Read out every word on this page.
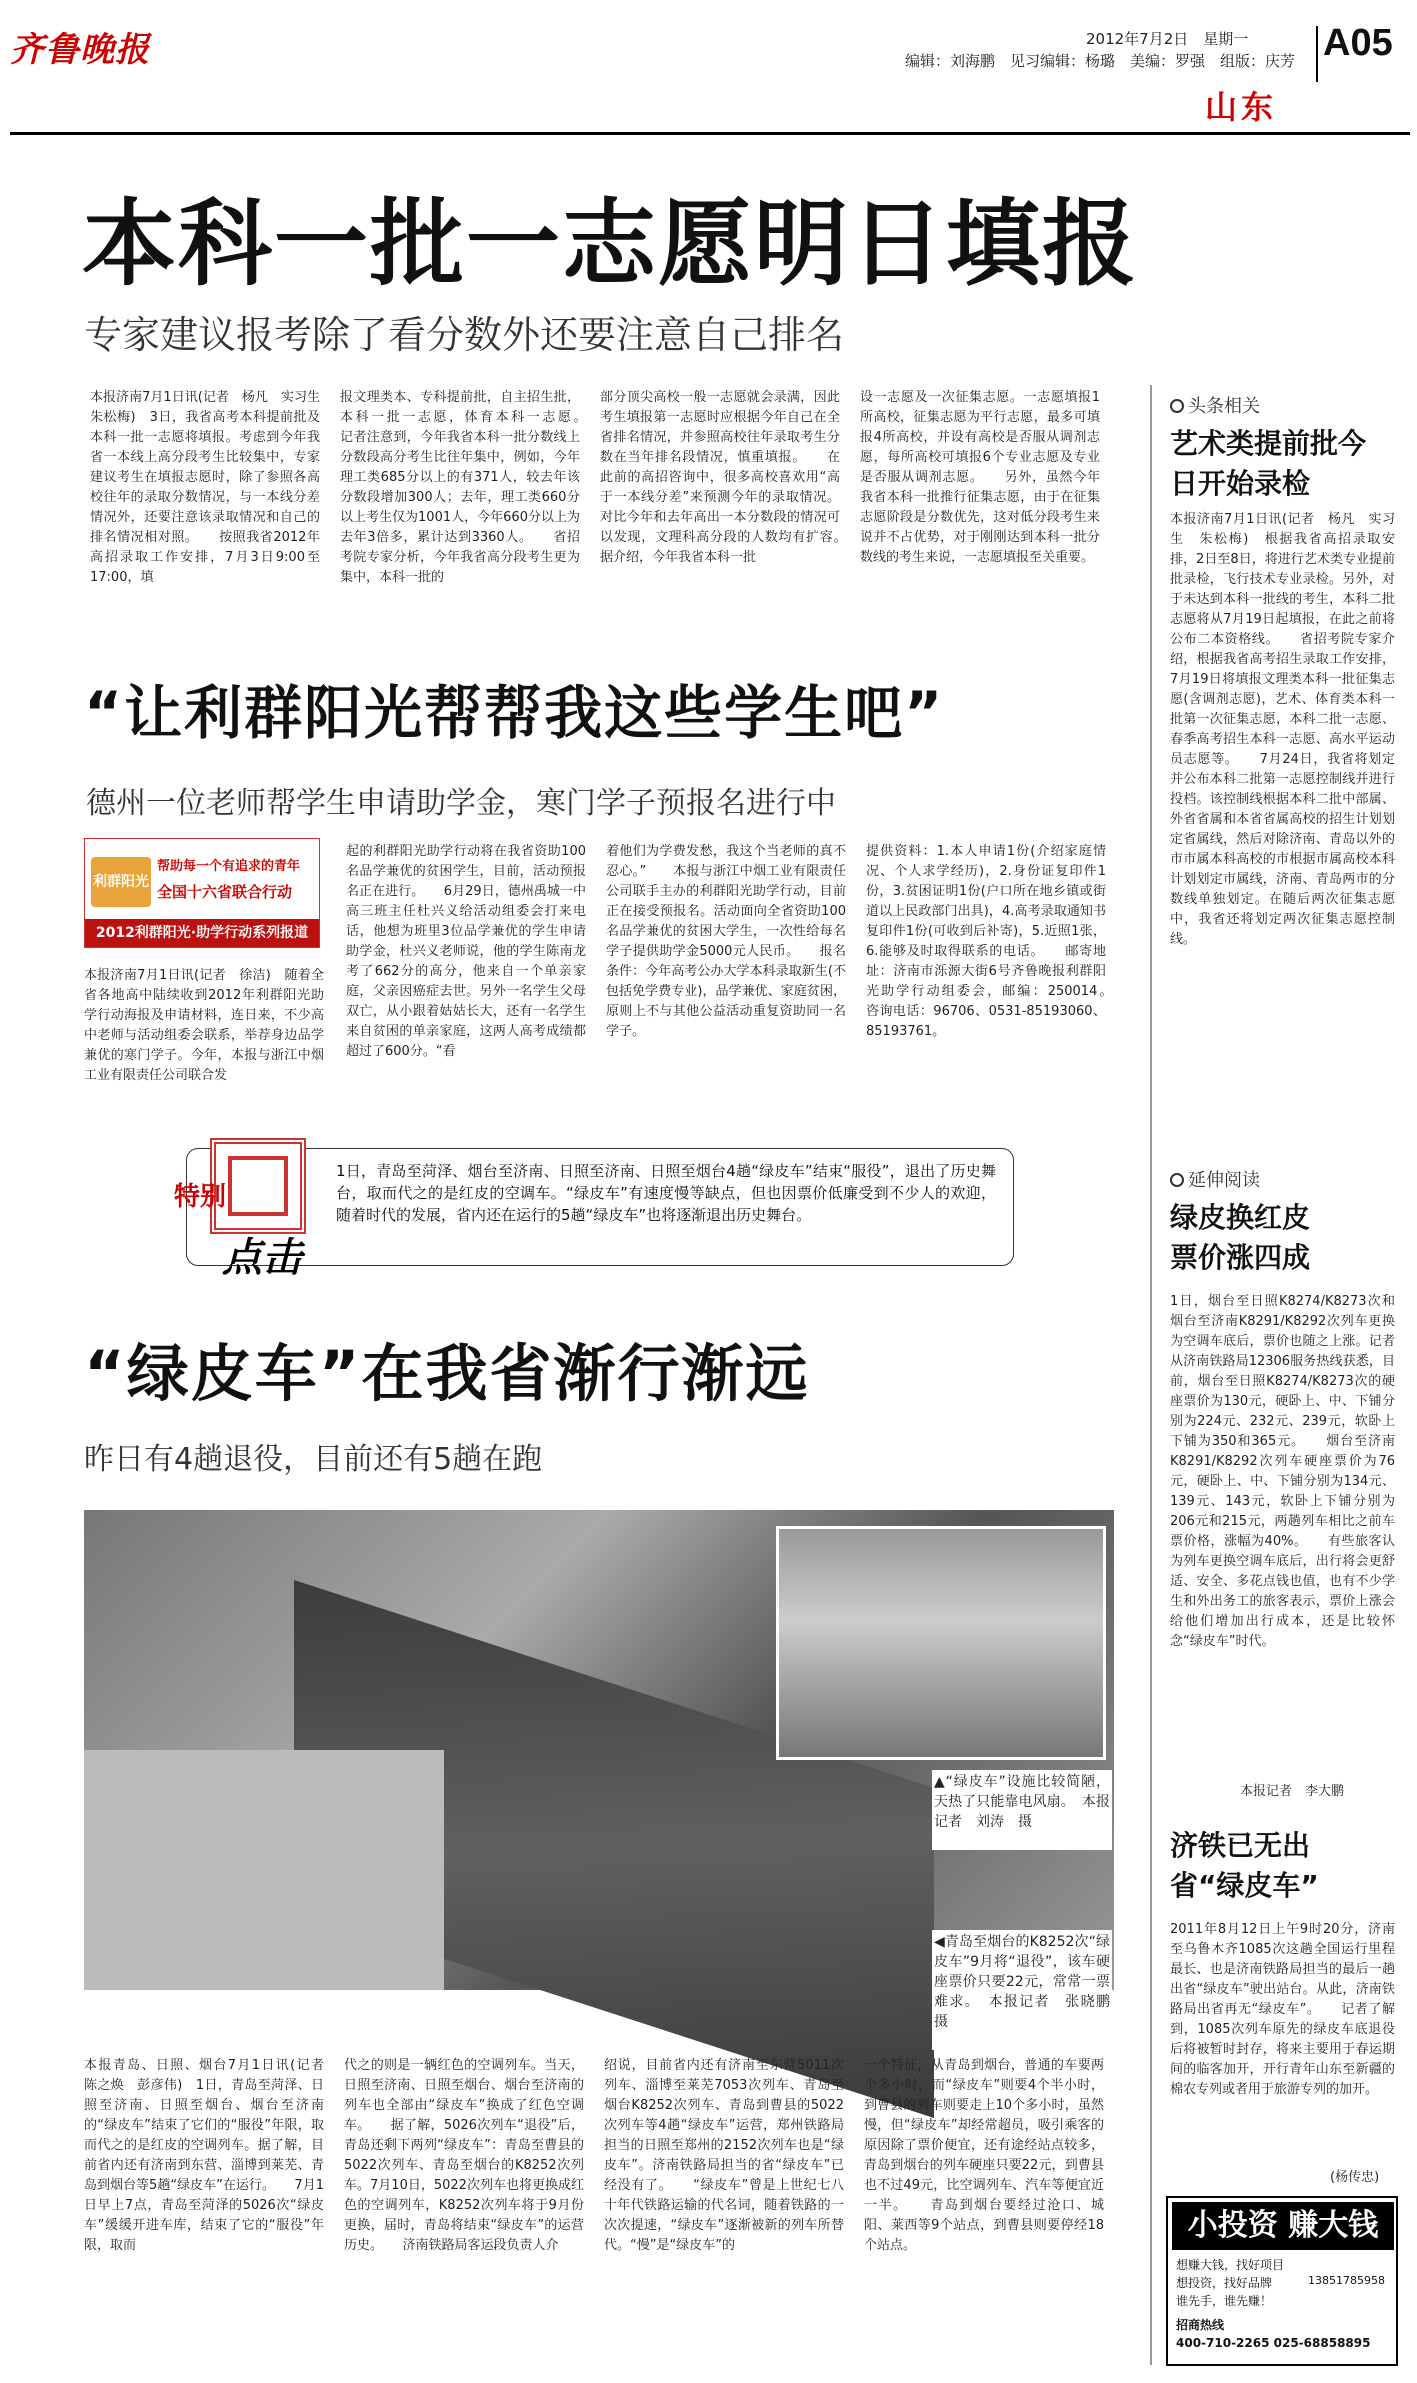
齐鲁晚报	2012年7月2日　星期一
编辑：刘海鹏　见习编辑：杨璐　美编：罗强　组版：庆芳 A05
山东
本科一批一志愿明日填报
专家建议报考除了看分数外还要注意自己排名
本报济南7月1日讯(记者　杨凡　实习生　朱松梅)　3日，我省高考本科提前批及本科一批一志愿将填报。考虑到今年我省一本线上高分段考生比较集中，专家建议考生在填报志愿时，除了参照各高校往年的录取分数情况，与一本线分差情况外，还要注意该录取情况和自己的排名情况相对照。　　按照我省2012年高招录取工作安排，7月3日9:00至17:00，填
报文理类本、专科提前批，自主招生批，本科一批一志愿，体育本科一志愿。　　记者注意到，今年我省本科一批分数线上分数段高分考生比往年集中，例如，今年理工类685分以上的有371人，较去年该分数段增加300人；去年，理工类660分以上考生仅为1001人，今年660分以上为去年3倍多，累计达到3360人。　　省招考院专家分析，今年我省高分段考生更为集中，本科一批的
部分顶尖高校一般一志愿就会录满，因此考生填报第一志愿时应根据今年自己在全省排名情况，并参照高校往年录取考生分数在当年排名段情况，慎重填报。　　在此前的高招咨询中，很多高校喜欢用“高于一本线分差”来预测今年的录取情况。对比今年和去年高出一本分数段的情况可以发现，文理科高分段的人数均有扩容。　　据介绍，今年我省本科一批
设一志愿及一次征集志愿。一志愿填报1所高校，征集志愿为平行志愿，最多可填报4所高校，并设有高校是否服从调剂志愿，每所高校可填报6个专业志愿及专业是否服从调剂志愿。　　另外，虽然今年我省本科一批推行征集志愿，由于在征集志愿阶段是分数优先，这对低分段考生来说并不占优势，对于刚刚达到本科一批分数线的考生来说，一志愿填报至关重要。
头条相关
艺术类提前批今日开始录检
本报济南7月1日讯(记者　杨凡　实习生　朱松梅)　根据我省高招录取安排，2日至8日，将进行艺术类专业提前批录检，飞行技术专业录检。另外，对于未达到本科一批线的考生，本科二批志愿将从7月19日起填报，在此之前将公布二本资格线。　　省招考院专家介绍，根据我省高考招生录取工作安排，7月19日将填报文理类本科一批征集志愿(含调剂志愿)，艺术、体育类本科一批第一次征集志愿，本科二批一志愿、春季高考招生本科一志愿、高水平运动员志愿等。　　7月24日，我省将划定并公布本科二批第一志愿控制线并进行投档。该控制线根据本科二批中部属、外省省属和本省省属高校的招生计划划定省属线，然后对除济南、青岛以外的市市属本科高校的市根据市属高校本科计划划定市属线，济南、青岛两市的分数线单独划定。在随后两次征集志愿中，我省还将划定两次征集志愿控制线。
“让利群阳光帮帮我这些学生吧”
德州一位老师帮学生申请助学金，寒门学子预报名进行中
利群阳光
帮助每一个有追求的青年
全国十六省联合行动
2012利群阳光·助学行动系列报道
本报济南7月1日讯(记者　徐洁)　随着全省各地高中陆续收到2012年利群阳光助学行动海报及申请材料，连日来，不少高中老师与活动组委会联系，举荐身边品学兼优的寒门学子。今年，本报与浙江中烟工业有限责任公司联合发
起的利群阳光助学行动将在我省资助100名品学兼优的贫困学生，目前，活动预报名正在进行。　　6月29日，德州禹城一中高三班主任杜兴义给活动组委会打来电话，他想为班里3位品学兼优的学生申请助学金，杜兴义老师说，他的学生陈南龙考了662分的高分，他来自一个单亲家庭，父亲因癌症去世。另外一名学生父母双亡，从小跟着姑姑长大，还有一名学生来自贫困的单亲家庭，这两人高考成绩都超过了600分。“看
着他们为学费发愁，我这个当老师的真不忍心。”　　本报与浙江中烟工业有限责任公司联手主办的利群阳光助学行动，目前正在接受预报名。活动面向全省资助100名品学兼优的贫困大学生，一次性给每名学子提供助学金5000元人民币。　　报名条件：今年高考公办大学本科录取新生(不包括免学费专业)，品学兼优、家庭贫困，原则上不与其他公益活动重复资助同一名学子。
提供资料：1.本人申请1份(介绍家庭情况、个人求学经历)，2.身份证复印件1份，3.贫困证明1份(户口所在地乡镇或街道以上民政部门出具)，4.高考录取通知书复印件1份(可收到后补寄)，5.近照1张，6.能够及时取得联系的电话。　　邮寄地址：济南市泺源大街6号齐鲁晚报利群阳光助学行动组委会，邮编：250014。　　咨询电话：96706、0531-85193060、85193761。
特别
点击
1日，青岛至菏泽、烟台至济南、日照至济南、日照至烟台4趟“绿皮车”结束“服役”，退出了历史舞台，取而代之的是红皮的空调车。“绿皮车”有速度慢等缺点，但也因票价低廉受到不少人的欢迎，随着时代的发展，省内还在运行的5趟“绿皮车”也将逐渐退出历史舞台。
延伸阅读
绿皮换红皮　票价涨四成
1日，烟台至日照K8274/K8273次和烟台至济南K8291/K8292次列车更换为空调车底后，票价也随之上涨。记者从济南铁路局12306服务热线获悉，目前，烟台至日照K8274/K8273次的硬座票价为130元，硬卧上、中、下铺分别为224元、232元、239元，软卧上下铺为350和365元。　　烟台至济南K8291/K8292次列车硬座票价为76元，硬卧上、中、下铺分别为134元、139元、143元，软卧上下铺分别为206元和215元，两趟列车相比之前车票价格，涨幅为40%。　　有些旅客认为列车更换空调车底后，出行将会更舒适、安全、多花点钱也值，也有不少学生和外出务工的旅客表示，票价上涨会给他们增加出行成本，还是比较怀念“绿皮车”时代。
本报记者　李大鹏
“绿皮车”在我省渐行渐远
昨日有4趟退役，目前还有5趟在跑
▲“绿皮车”设施比较简陋，天热了只能靠电风扇。　本报记者　刘涛　摄
◀青岛至烟台的K8252次“绿皮车”9月将“退役”，该车硬座票价只要22元，常常一票难求。　本报记者　张晓鹏　摄
本报青岛、日照、烟台7月1日讯(记者　陈之焕　彭彦伟)　1日，青岛至菏泽、日照至济南、日照至烟台、烟台至济南的“绿皮车”结束了它们的“服役”年限，取而代之的是红皮的空调列车。据了解，目前省内还有济南到东营、淄博到莱芜、青岛到烟台等5趟“绿皮车”在运行。　　7月1日早上7点，青岛至菏泽的5026次“绿皮车”缓缓开进车库，结束了它的“服役”年限，取而
代之的则是一辆红色的空调列车。当天，日照至济南、日照至烟台、烟台至济南的列车也全部由“绿皮车”换成了红色空调车。　　据了解，5026次列车“退役”后，青岛还剩下两列“绿皮车”：青岛至曹县的5022次列车、青岛至烟台的K8252次列车。7月10日，5022次列车也将更换成红色的空调列车，K8252次列车将于9月份更换，届时，青岛将结束“绿皮车”的运营历史。　　济南铁路局客运段负责人介
绍说，目前省内还有济南至东营5011次列车、淄博至莱芜7053次列车、青岛至烟台K8252次列车、青岛到曹县的5022次列车等4趟“绿皮车”运营，郑州铁路局担当的日照至郑州的2152次列车也是“绿皮车”。济南铁路局担当的省“绿皮车”已经没有了。　　“绿皮车”曾是上世纪七八十年代铁路运输的代名词，随着铁路的一次次提速，“绿皮车”逐渐被新的列车所替代。“慢”是“绿皮车”的
一个特征，从青岛到烟台，普通的车要两个多小时，而“绿皮车”则要4个半小时，到曹县的列车则要走上10个多小时，虽然慢，但“绿皮车”却经常超员，吸引乘客的原因除了票价便宜，还有途经站点较多，青岛到烟台的列车硬座只要22元，到曹县也不过49元，比空调列车、汽车等便宜近一半。　　青岛到烟台要经过沧口、城阳、莱西等9个站点，到曹县则要停经18个站点。
济铁已无出省“绿皮车”
2011年8月12日上午9时20分，济南至乌鲁木齐1085次这趟全国运行里程最长、也是济南铁路局担当的最后一趟出省“绿皮车”驶出站台。从此，济南铁路局出省再无“绿皮车”。　　记者了解到，1085次列车原先的绿皮车底退役后将被暂时封存，将来主要用于春运期间的临客加开，开行青年山东至新疆的棉农专列或者用于旅游专列的加开。
(杨传忠)
小投资 赚大钱
想赚大钱，找好项目
想投资，找好品牌
谁先手，谁先赚！
13851785958
招商热线
400-710-2265 025-68858895
